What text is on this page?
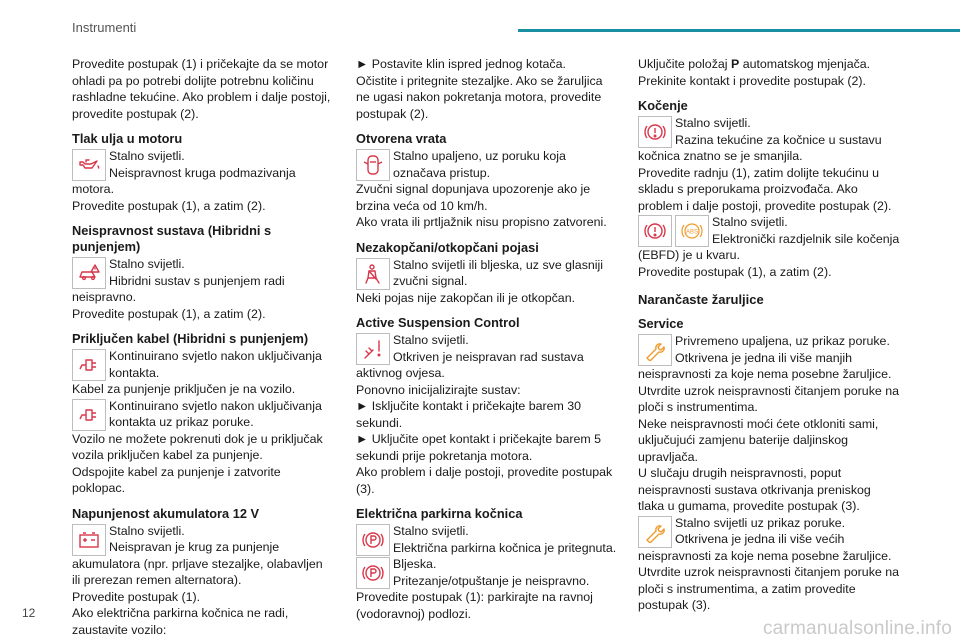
Instrumenti

Provedite postupak (1) i pričekajte da se motor ohladi pa po potrebi dolijte potrebnu količinu rashladne tekućine. Ako problem i dalje postoji, provedite postupak (2).

Tlak ulja u motoru

Stalno svijetli.
Neispravnost kruga podmazivanja motora.
Provedite postupak (1), a zatim (2).

Neispravnost sustava (Hibridni s punjenjem)

Stalno svijetli.
Hibridni sustav s punjenjem radi neispravno.
Provedite postupak (1), a zatim (2).

Priključen kabel (Hibridni s punjenjem)

Kontinuirano svjetlo nakon uključivanja kontakta.
Kabel za punjenje priključen je na vozilo.

Kontinuirano svjetlo nakon uključivanja kontakta uz prikaz poruke.
Vozilo ne možete pokrenuti dok je u priključak vozila priključen kabel za punjenje.
Odspojite kabel za punjenje i zatvorite poklopac.

Napunjenost akumulatora 12 V

Stalno svijetli.
Neispravan je krug za punjenje akumulatora (npr. prljave stezaljke, olabavljen ili prerezan remen alternatora).
Provedite postupak (1).
Ako električna parkirna kočnica ne radi, zaustavite vozilo:

► Postavite klin ispred jednog kotača.
Očistite i pritegnite stezaljke. Ako se žaruljica ne ugasi nakon pokretanja motora, provedite postupak (2).

Otvorena vrata

Stalno upaljeno, uz poruku koja označava pristup.
Zvučni signal dopunjava upozorenje ako je brzina veća od 10 km/h.
Ako vrata ili prtljažnik nisu propisno zatvoreni.

Nezakopčani/otkopčani pojasi

Stalno svijetli ili bljeska, uz sve glasniji zvučni signal.
Neki pojas nije zakopčan ili je otkopčan.

Active Suspension Control

Stalno svijetli.
Otkriven je neispravan rad sustava aktivnog ovjesa.
Ponovno inicijalizirajte sustav:
► Isključite kontakt i pričekajte barem 30 sekundi.
► Uključite opet kontakt i pričekajte barem 5 sekundi prije pokretanja motora.
Ako problem i dalje postoji, provedite postupak (3).

Električna parkirna kočnica

Stalno svijetli.
Električna parkirna kočnica je pritegnuta.

Bljeska.
Pritezanje/otpuštanje je neispravno.
Provedite postupak (1): parkirajte na ravnoj (vodoravnoj) podlozi.

Uključite položaj P automatskog mjenjača.
Prekinite kontakt i provedite postupak (2).

Kočenje

Stalno svijetli.
Razina tekućine za kočnice u sustavu kočnica znatno se je smanjila.
Provedite radnju (1), zatim dolijte tekućinu u skladu s preporukama proizvođača. Ako problem i dalje postoji, provedite postupak (2).

ABS

Stalno svijetli.
Elektronički razdjelnik sile kočenja (EBFD) je u kvaru.
Provedite postupak (1), a zatim (2).

Narančaste žaruljice
Service

Privremeno upaljena, uz prikaz poruke.
Otkrivena je jedna ili više manjih neispravnosti za koje nema posebne žaruljice.
Utvrdite uzrok neispravnosti čitanjem poruke na ploči s instrumentima.
Neke neispravnosti moći ćete otkloniti sami, uključujući zamjenu baterije daljinskog upravljača.
U slučaju drugih neispravnosti, poput neispravnosti sustava otkrivanja preniskog tlaka u gumama, provedite postupak (3).

Stalno svijetli uz prikaz poruke.
Otkrivena je jedna ili više većih neispravnosti za koje nema posebne žaruljice.
Utvrdite uzrok neispravnosti čitanjem poruke na ploči s instrumentima, a zatim provedite postupak (3).

12
carmanualsonline.info
